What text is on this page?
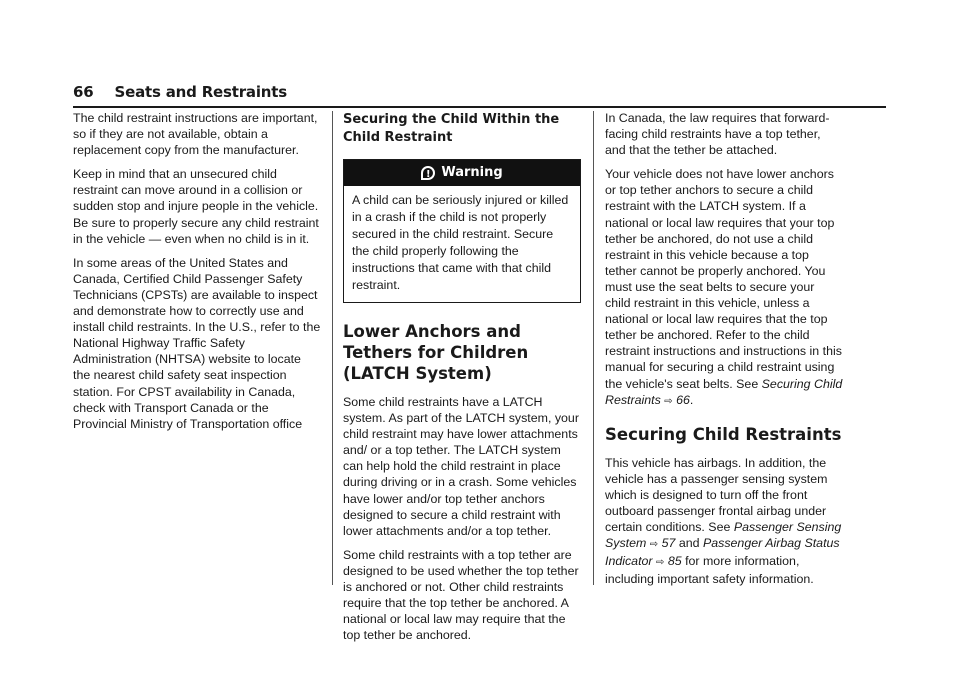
66 Seats and Restraints

The child restraint instructions are important, so if they are not available, obtain a replacement copy from the manufacturer.

Keep in mind that an unsecured child restraint can move around in a collision or sudden stop and injure people in the vehicle. Be sure to properly secure any child restraint in the vehicle — even when no child is in it.

In some areas of the United States and Canada, Certified Child Passenger Safety Technicians (CPSTs) are available to inspect and demonstrate how to correctly use and install child restraints. In the U.S., refer to the National Highway Traffic Safety Administration (NHTSA) website to locate the nearest child safety seat inspection station. For CPST availability in Canada, check with Transport Canada or the Provincial Ministry of Transportation office

Securing the Child Within the Child Restraint
! Warning
A child can be seriously injured or killed in a crash if the child is not properly secured in the child restraint. Secure the child properly following the instructions that came with that child restraint.
Lower Anchors and Tethers for Children (LATCH System)

Some child restraints have a LATCH system. As part of the LATCH system, your child restraint may have lower attachments and/ or a top tether. The LATCH system can help hold the child restraint in place during driving or in a crash. Some vehicles have lower and/or top tether anchors designed to secure a child restraint with lower attachments and/or a top tether.

Some child restraints with a top tether are designed to be used whether the top tether is anchored or not. Other child restraints require that the top tether be anchored. A national or local law may require that the top tether be anchored.

In Canada, the law requires that forward-facing child restraints have a top tether, and that the tether be attached.

Your vehicle does not have lower anchors or top tether anchors to secure a child restraint with the LATCH system. If a national or local law requires that your top tether be anchored, do not use a child restraint in this vehicle because a top tether cannot be properly anchored. You must use the seat belts to secure your child restraint in this vehicle, unless a national or local law requires that the top tether be anchored. Refer to the child restraint instructions and instructions in this manual for securing a child restraint using the vehicle's seat belts. See Securing Child Restraints ⇨ 66.

Securing Child Restraints

This vehicle has airbags. In addition, the vehicle has a passenger sensing system which is designed to turn off the front outboard passenger frontal airbag under certain conditions. See Passenger Sensing System ⇨ 57 and Passenger Airbag Status Indicator ⇨ 85 for more information, including important safety information.
